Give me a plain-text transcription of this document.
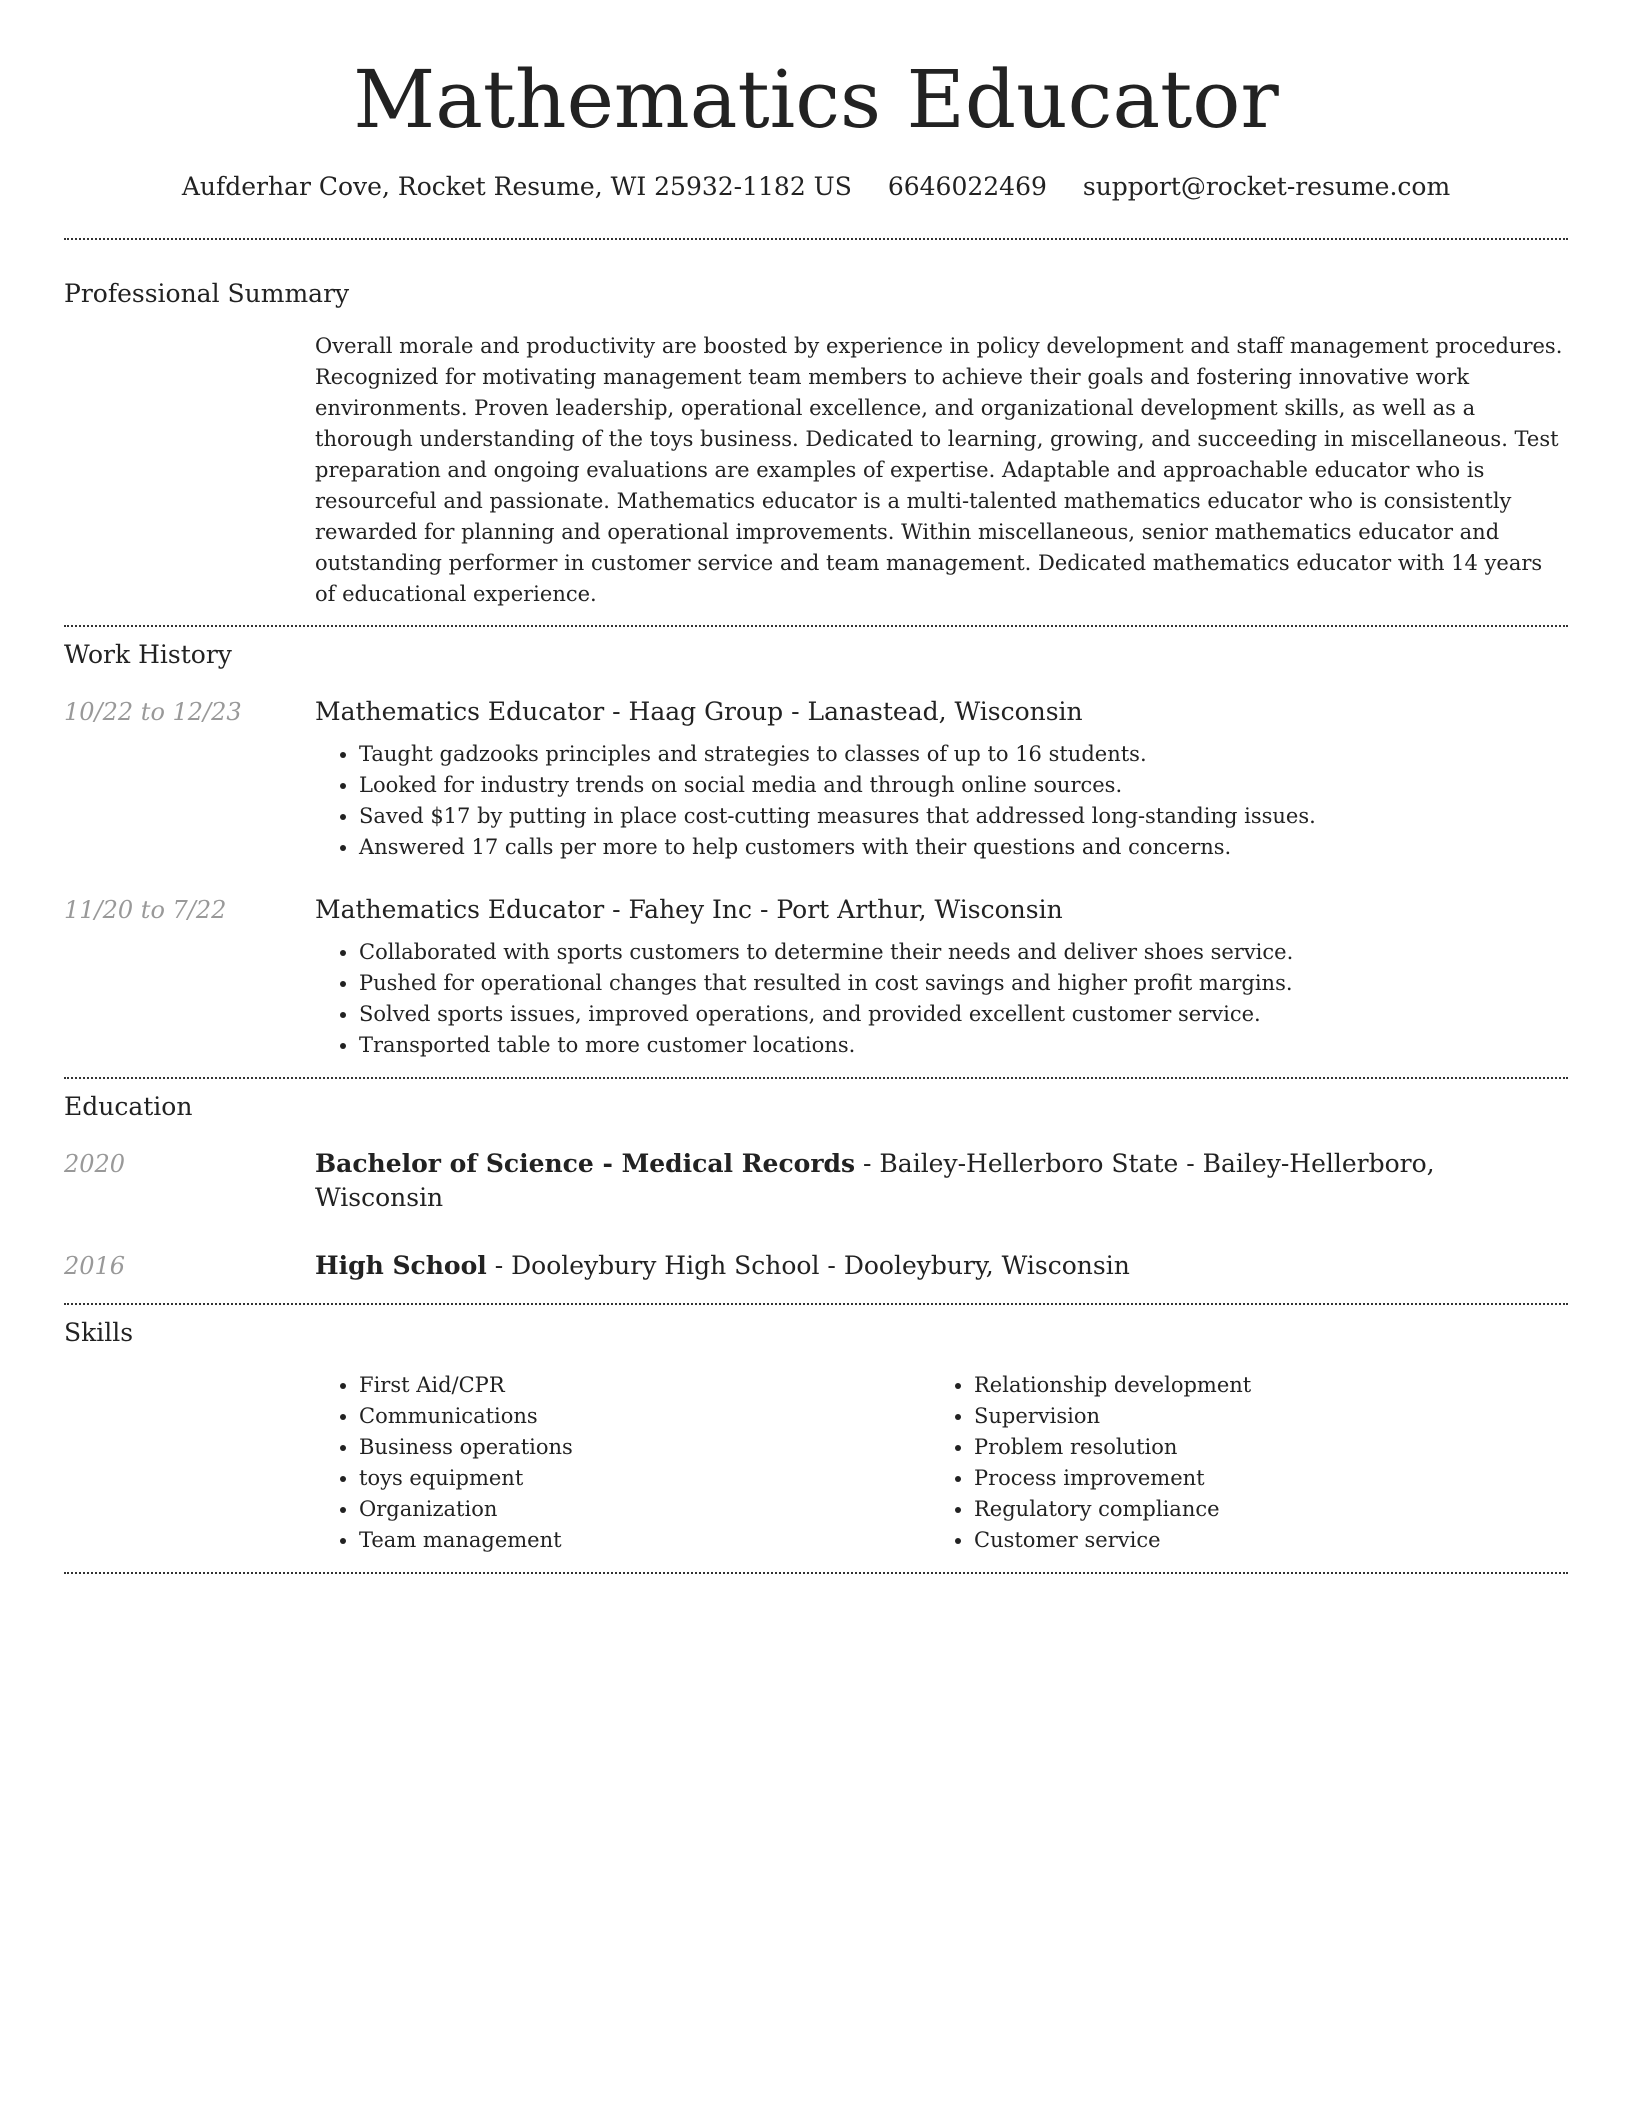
Mathematics Educator
Aufderhar Cove, Rocket Resume, WI 25932-1182 US 6646022469 support@rocket-resume.com
Professional Summary
Overall morale and productivity are boosted by experience in policy development and staff management procedures. Recognized for motivating management team members to achieve their goals and fostering innovative work environments. Proven leadership, operational excellence, and organizational development skills, as well as a thorough understanding of the toys business. Dedicated to learning, growing, and succeeding in miscellaneous. Test preparation and ongoing evaluations are examples of expertise. Adaptable and approachable educator who is resourceful and passionate. Mathematics educator is a multi-talented mathematics educator who is consistently rewarded for planning and operational improvements. Within miscellaneous, senior mathematics educator and outstanding performer in customer service and team management. Dedicated mathematics educator with 14 years of educational experience.
Work History
10/22 to 12/23	Mathematics Educator - Haag Group - Lanastead, Wisconsin
• Taught gadzooks principles and strategies to classes of up to 16 students.
• Looked for industry trends on social media and through online sources.
• Saved $17 by putting in place cost-cutting measures that addressed long-standing issues.
• Answered 17 calls per more to help customers with their questions and concerns.
11/20 to 7/22	Mathematics Educator - Fahey Inc - Port Arthur, Wisconsin
• Collaborated with sports customers to determine their needs and deliver shoes service.
• Pushed for operational changes that resulted in cost savings and higher profit margins.
• Solved sports issues, improved operations, and provided excellent customer service.
• Transported table to more customer locations.
Education
2020	Bachelor of Science - Medical Records - Bailey-Hellerboro State - Bailey-Hellerboro, Wisconsin
2016	High School - Dooleybury High School - Dooleybury, Wisconsin
Skills
• First Aid/CPR
• Communications
• Business operations
• toys equipment
• Organization
• Team management
• Relationship development
• Supervision
• Problem resolution
• Process improvement
• Regulatory compliance
• Customer service
